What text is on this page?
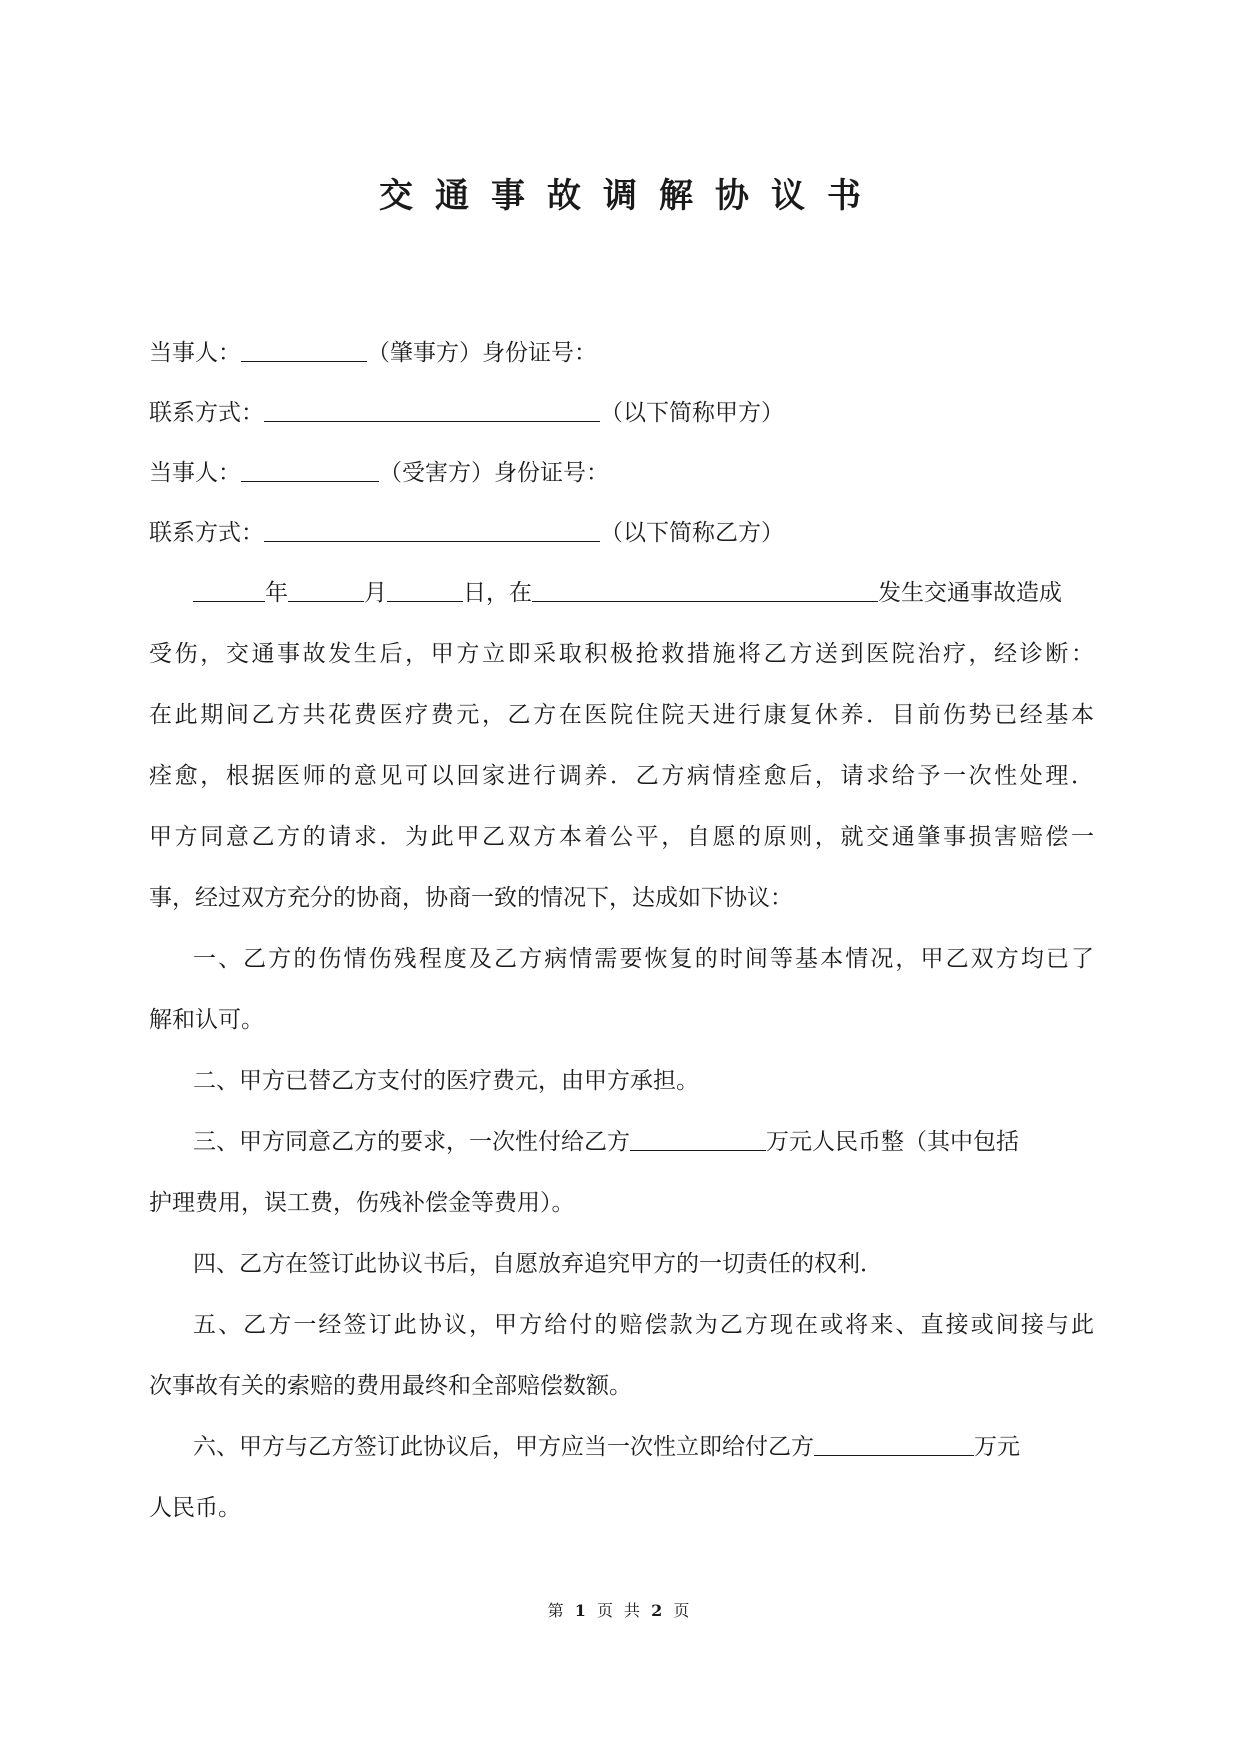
交通事故调解协议书
当事人：	（肇事方）身份证号：
联系方式：	（以下简称甲方）
当事人：	（受害方）身份证号：
联系方式：	（以下简称乙方）
年	月	日，在	发生交通事故造成
受伤，交通事故发生后，甲方立即采取积极抢救措施将乙方送到医院治疗，经诊断：
在此期间乙方共花费医疗费元，乙方在医院住院天进行康复休养．目前伤势已经基本
痊愈，根据医师的意见可以回家进行调养．乙方病情痊愈后，请求给予一次性处理．
甲方同意乙方的请求．为此甲乙双方本着公平，自愿的原则，就交通肇事损害赔偿一
事，经过双方充分的协商，协商一致的情况下，达成如下协议：
一、乙方的伤情伤残程度及乙方病情需要恢复的时间等基本情况，甲乙双方均已了
解和认可。
二、甲方已替乙方支付的医疗费元，由甲方承担。
三、甲方同意乙方的要求，一次性付给乙方	万元人民币整（其中包括
护理费用，误工费，伤残补偿金等费用）。
四、乙方在签订此协议书后，自愿放弃追究甲方的一切责任的权利．
五、乙方一经签订此协议，甲方给付的赔偿款为乙方现在或将来、直接或间接与此
次事故有关的索赔的费用最终和全部赔偿数额。
六、甲方与乙方签订此协议后，甲方应当一次性立即给付乙方	万元
人民币。
第 1 页 共 2 页
